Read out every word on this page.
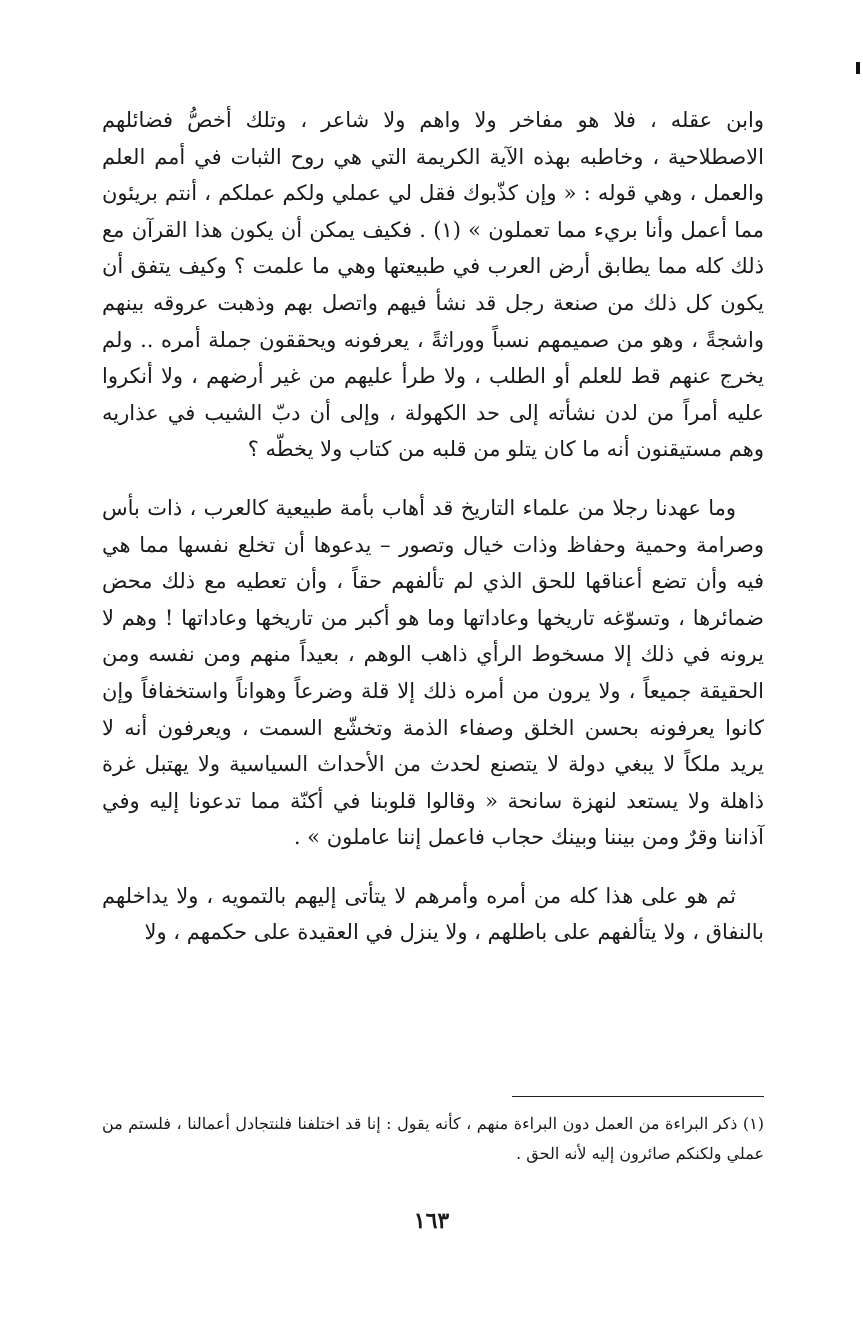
وابن عقله ، فلا هو مفاخر ولا واهم ولا شاعر ، وتلك أخصُّ فضائلهم الاصطلاحية ، وخاطبه بهذه الآية الكريمة التي هي روح الثبات في أمم العلم والعمل ، وهي قوله : « وإن كذّبوك فقل لي عملي ولكم عملكم ، أنتم بريئون مما أعمل وأنا بريء مما تعملون » (١) . فكيف يمكن أن يكون هذا القرآن مع ذلك كله مما يطابق أرض العرب في طبيعتها وهي ما علمت ؟ وكيف يتفق أن يكون كل ذلك من صنعة رجل قد نشأ فيهم واتصل بهم وذهبت عروقه بينهم واشجةً ، وهو من صميمهم نسباً ووراثةً ، يعرفونه ويحققون جملة أمره .. ولم يخرج عنهم قط للعلم أو الطلب ، ولا طرأ عليهم من غير أرضهم ، ولا أنكروا عليه أمراً من لدن نشأته إلى حد الكهولة ، وإلى أن دبّ الشيب في عذاريه وهم مستيقنون أنه ما كان يتلو من قلبه من كتاب ولا يخطّه ؟

وما عهدنا رجلا من علماء التاريخ قد أهاب بأمة طبيعية كالعرب ، ذات بأس وصرامة وحمية وحفاظ وذات خيال وتصور – يدعوها أن تخلع نفسها مما هي فيه وأن تضع أعناقها للحق الذي لم تألفهم حقاً ، وأن تعطيه مع ذلك محض ضمائرها ، وتسوّغه تاريخها وعاداتها وما هو أكبر من تاريخها وعاداتها ! وهم لا يرونه في ذلك إلا مسخوط الرأي ذاهب الوهم ، بعيداً منهم ومن نفسه ومن الحقيقة جميعاً ، ولا يرون من أمره ذلك إلا قلة وضرعاً وهواناً واستخفافاً وإن كانوا يعرفونه بحسن الخلق وصفاء الذمة وتخشّع السمت ، ويعرفون أنه لا يريد ملكاً لا يبغي دولة لا يتصنع لحدث من الأحداث السياسية ولا يهتبل غرة ذاهلة ولا يستعد لنهزة سانحة « وقالوا قلوبنا في أكنّة مما تدعونا إليه وفي آذاننا وقرٌ ومن بيننا وبينك حجاب فاعمل إننا عاملون » .

ثم هو على هذا كله من أمره وأمرهم لا يتأتى إليهم بالتمويه ، ولا يداخلهم بالنفاق ، ولا يتألفهم على باطلهم ، ولا ينزل في العقيدة على حكمهم ، ولا

(١) ذكر البراءة من العمل دون البراءة منهم ، كأنه يقول : إنا قد اختلفنا فلنتجادل أعمالنا ، فلستم من عملي ولكنكم صائرون إليه لأنه الحق .

١٦٣
